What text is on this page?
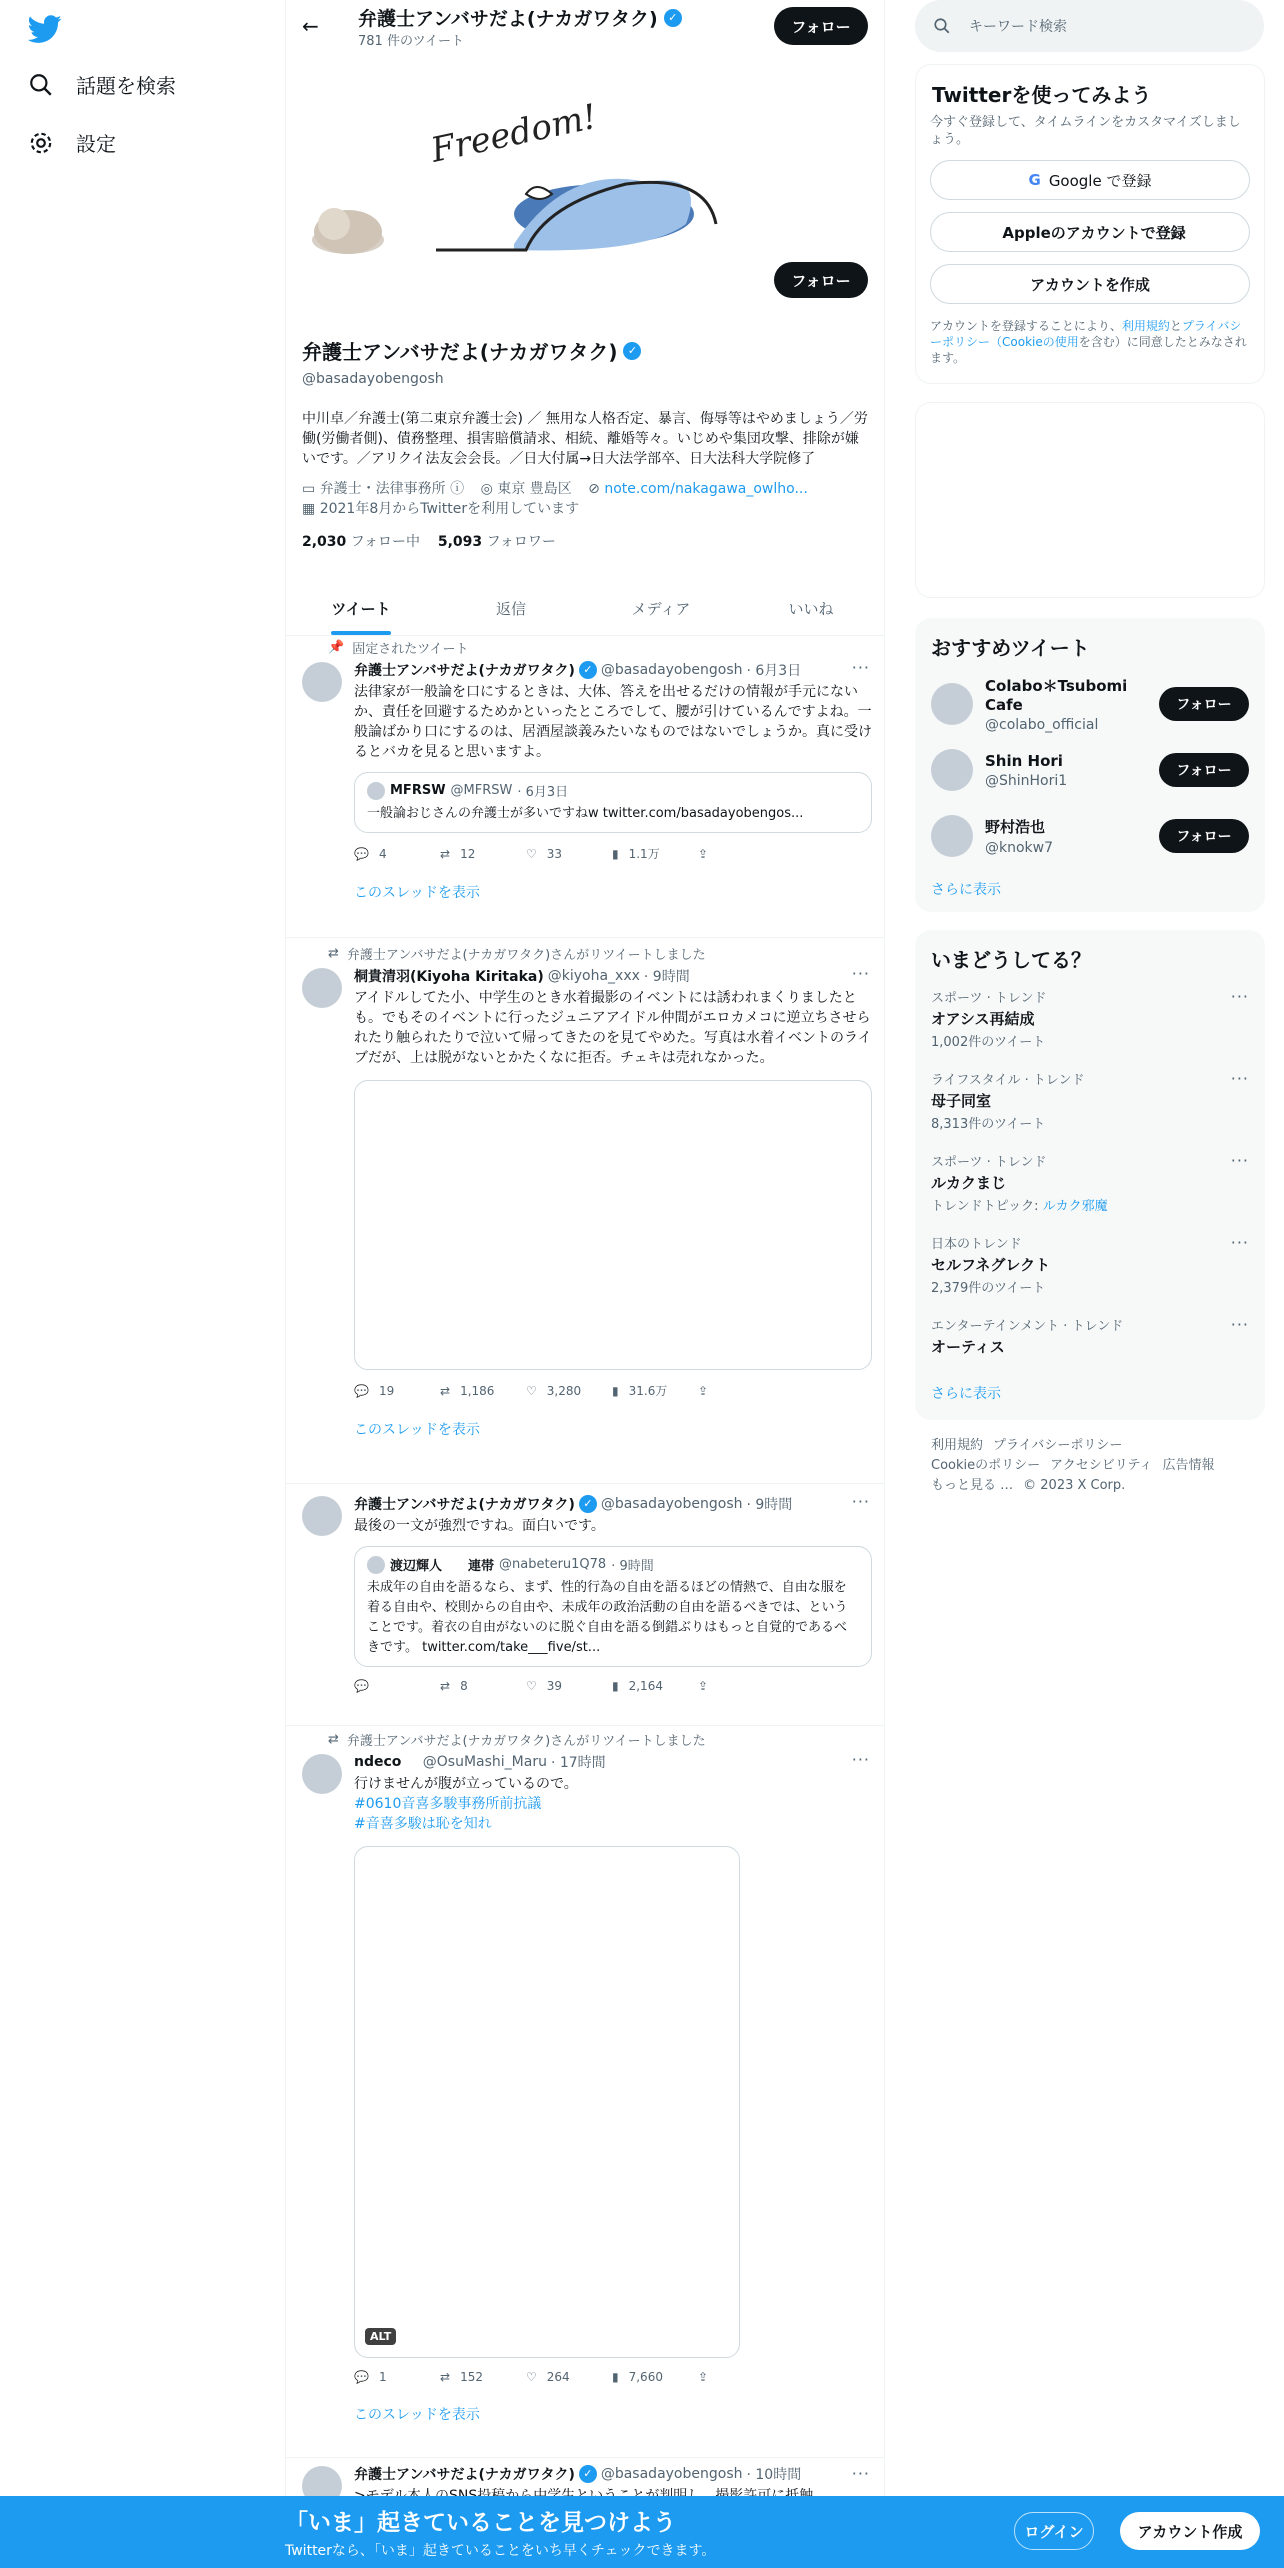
話題を検索
設定
← 弁護士アンバサだよ(ナカガワタク) ✓
781 件のツイート
フォロー
Freedom!
フォロー
弁護士アンバサだよ(ナカガワタク) ✓
@basadayobengosh
中川卓／弁護士(第二東京弁護士会) ／ 無用な人格否定、暴言、侮辱等はやめましょう／労働(労働者側)、債務整理、損害賠償請求、相続、離婚等々。いじめや集団攻撃、排除が嫌いです。／アリクイ法友会会長。／日大付属→日大法学部卒、日大法科大学院修了
▭ 弁護士・法律事務所 ⓘ ◎ 東京 豊島区 ⊘ note.com/nakagawa_owlho...
▦ 2021年8月からTwitterを利用しています
2,030 フォロー中 5,093 フォロワー
ツイート	返信	メディア	いいね
📌 固定されたツイート
···
弁護士アンバサだよ(ナカガワタク) ✓ @basadayobengosh · 6月3日
法律家が一般論を口にするときは、大体、答えを出せるだけの情報が手元にないか、責任を回避するためかといったところでして、腰が引けているんですよね。一般論ばかり口にするのは、居酒屋談義みたいなものではないでしょうか。真に受けるとバカを見ると思いますよ。
MFRSW @MFRSW · 6月3日
一般論おじさんの弁護士が多いですねw twitter.com/basadayobengos...
💬 4	⇄ 12	♡ 33	▮ 1.1万	⇪
このスレッドを表示
⇄ 弁護士アンバサだよ(ナカガワタク)さんがリツイートしました
···
桐貴清羽(Kiyoha Kiritaka) @kiyoha_xxx · 9時間
アイドルしてた小、中学生のとき水着撮影のイベントには誘われまくりましたとも。でもそのイベントに行ったジュニアアイドル仲間がエロカメコに逆立ちさせられたり触られたりで泣いて帰ってきたのを見てやめた。写真は水着イベントのライブだが、上は脱がないとかたくなに拒否。チェキは売れなかった。
💬 19	⇄ 1,186	♡ 3,280	▮ 31.6万	⇪
このスレッドを表示
···
弁護士アンバサだよ(ナカガワタク) ✓ @basadayobengosh · 9時間
最後の一文が強烈ですね。面白いです。
渡辺輝人　　連帯 @nabeteru1Q78 · 9時間
未成年の自由を語るなら、まず、性的行為の自由を語るほどの情熱で、自由な服を着る自由や、校則からの自由や、未成年の政治活動の自由を語るべきでは、ということです。着衣の自由がないのに脱ぐ自由を語る倒錯ぶりはもっと自覚的であるべきです。 twitter.com/take___five/st...
💬	⇄ 8	♡ 39	▮ 2,164	⇪
⇄ 弁護士アンバサだよ(ナカガワタク)さんがリツイートしました
···
ndeco
@OsuMashi_Maru · 17時間
行けませんが腹が立っているので。
#0610音喜多駿事務所前抗議
#音喜多駿は恥を知れ
ALT
💬 1	⇄ 152	♡ 264	▮ 7,660	⇪
このスレッドを表示
···
弁護士アンバサだよ(ナカガワタク) ✓ @basadayobengosh · 10時間
キーワード検索
Twitterを使ってみよう
今すぐ登録して、タイムラインをカスタマイズしましょう。
G Google で登録
Appleのアカウントで登録
アカウントを作成
アカウントを登録することにより、利用規約とプライバシーポリシー（Cookieの使用を含む）に同意したとみなされます。
おすすめツイート
Colabo＊Tsubomi Cafe
@colabo_official
フォロー
Shin Hori
@ShinHori1
フォロー
野村浩也
@knokw7
フォロー
さらに表示
いまどうしてる？
スポーツ · トレンド
オアシス再結成
1,002件のツイート
···
ライフスタイル · トレンド
母子同室
8,313件のツイート
···
スポーツ · トレンド
ルカクまじ
トレンドトピック: ルカク邪魔
···
日本のトレンド
セルフネグレクト
2,379件のツイート
···
エンターテインメント · トレンド
オーティス
···
さらに表示
利用規約 プライバシーポリシー
Cookieのポリシー アクセシビリティ 広告情報
もっと見る … © 2023 X Corp.
「いま」起きていることを見つけよう
Twitterなら、「いま」起きていることをいち早くチェックできます。
ログイン	アカウント作成
